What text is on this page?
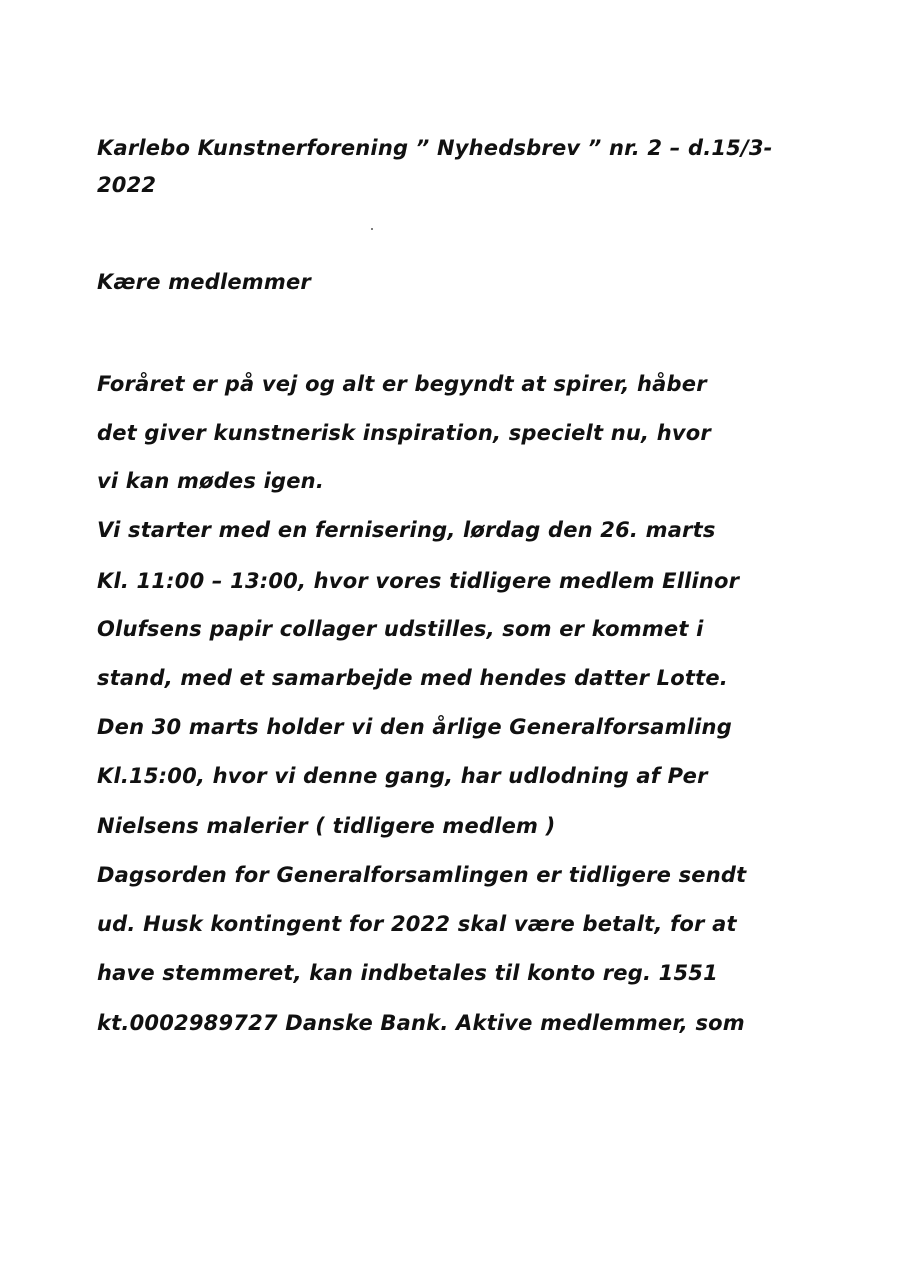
Karlebo Kunstnerforening ” Nyhedsbrev ” nr. 2 – d.15/3-
2022
Kære medlemmer
Foråret er på vej og alt er begyndt at spirer, håber
det giver kunstnerisk inspiration, specielt nu, hvor
vi kan mødes igen.
Vi starter med en fernisering, lørdag den 26. marts
Kl. 11:00 – 13:00, hvor vores tidligere medlem Ellinor
Olufsens papir collager udstilles, som er kommet i
stand, med et samarbejde med hendes datter Lotte.
Den 30 marts holder vi den årlige Generalforsamling
Kl.15:00, hvor vi denne gang, har udlodning af Per
Nielsens malerier ( tidligere medlem )
Dagsorden for Generalforsamlingen er tidligere sendt
ud. Husk kontingent for 2022 skal være betalt, for at
have stemmeret, kan indbetales til konto reg. 1551
kt.0002989727 Danske Bank. Aktive medlemmer, som
